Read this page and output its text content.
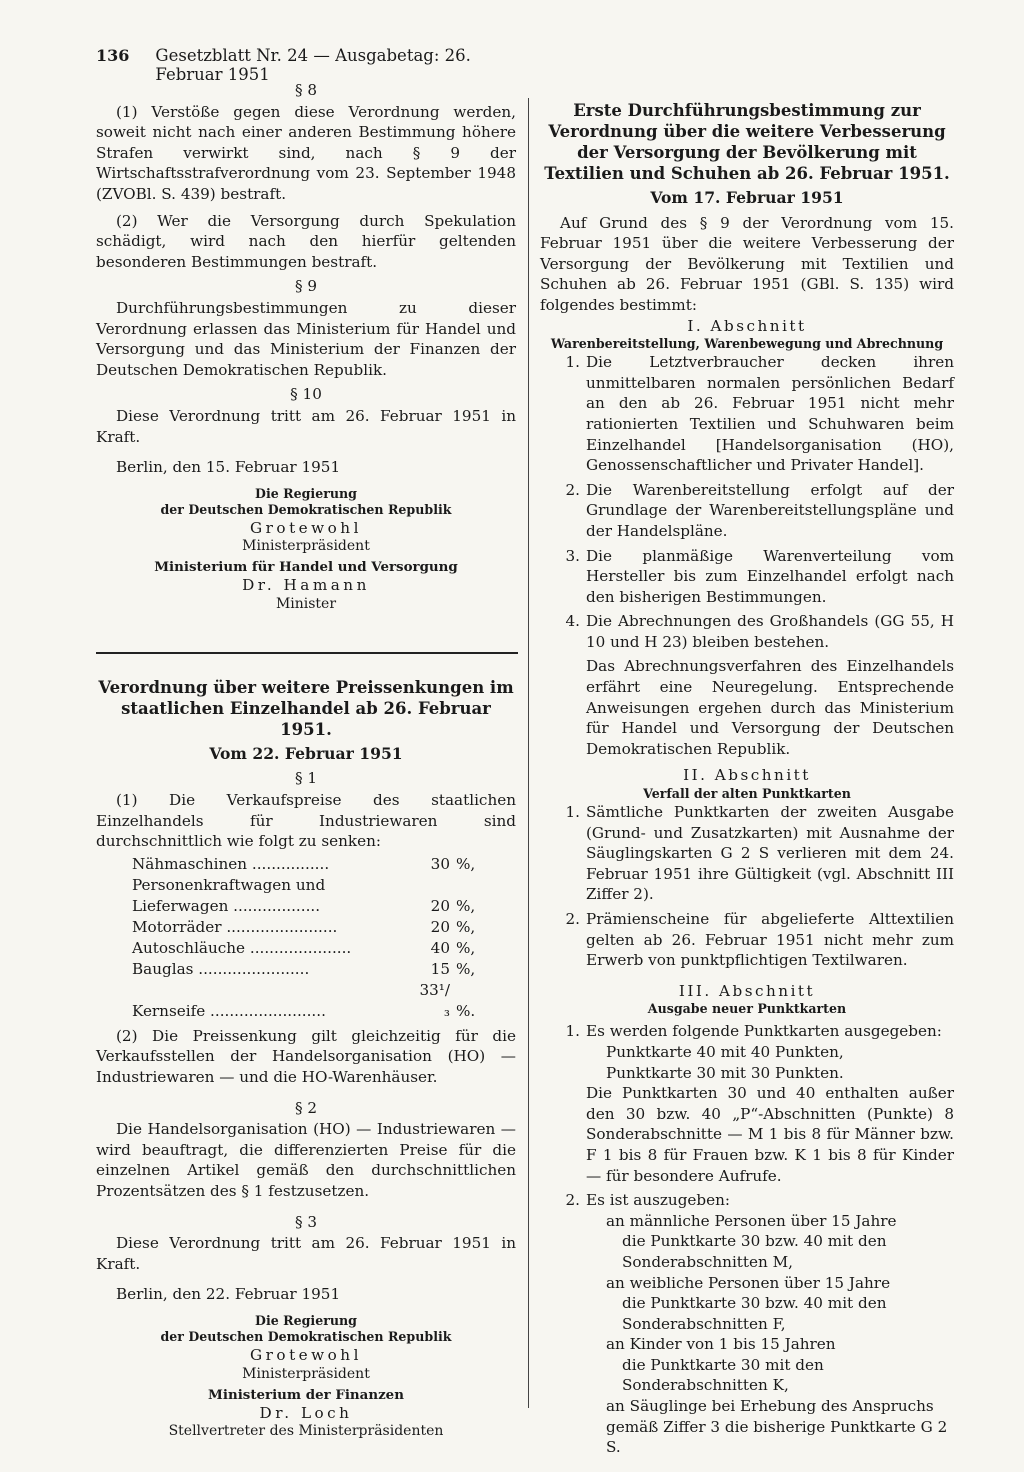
136 Gesetzblatt Nr. 24 — Ausgabetag: 26. Februar 1951
§ 8

(1) Verstöße gegen diese Verordnung werden, soweit nicht nach einer anderen Bestimmung höhere Strafen verwirkt sind, nach § 9 der Wirtschaftsstrafverordnung vom 23. September 1948 (ZVOBl. S. 439) bestraft.

(2) Wer die Versorgung durch Spekulation schädigt, wird nach den hierfür geltenden besonderen Bestimmungen bestraft.

§ 9

Durchführungsbestimmungen zu dieser Verordnung erlassen das Ministerium für Handel und Versorgung und das Ministerium der Finanzen der Deutschen Demokratischen Republik.

§ 10

Diese Verordnung tritt am 26. Februar 1951 in Kraft.

Berlin, den 15. Februar 1951

Die Regierung
der Deutschen Demokratischen Republik
Grotewohl
Ministerpräsident
Ministerium für Handel und Versorgung
Dr. Hamann
Minister
Verordnung über weitere Preissenkungen im staatlichen Einzelhandel ab 26. Februar 1951.
Vom 22. Februar 1951
§ 1

(1) Die Verkaufspreise des staatlichen Einzelhandels für Industriewaren sind durchschnittlich wie folgt zu senken:

Nähmaschinen ................	30	%,
Personenkraftwagen und Lieferwagen ..................	20	%,
Motorräder .......................	20	%,
Autoschläuche .....................	40	%,
Bauglas .......................	15	%,
Kernseife ........................	33¹/₃	%.

(2) Die Preissenkung gilt gleichzeitig für die Verkaufsstellen der Handelsorganisation (HO) — Industriewaren — und die HO-Warenhäuser.

§ 2

Die Handelsorganisation (HO) — Industriewaren — wird beauftragt, die differenzierten Preise für die einzelnen Artikel gemäß den durchschnittlichen Prozentsätzen des § 1 festzusetzen.

§ 3

Diese Verordnung tritt am 26. Februar 1951 in Kraft.

Berlin, den 22. Februar 1951

Die Regierung
der Deutschen Demokratischen Republik
Grotewohl
Ministerpräsident
Ministerium der Finanzen
Dr. Loch
Stellvertreter des Ministerpräsidenten
Erste Durchführungsbestimmung zur Verordnung über die weitere Verbesserung der Versorgung der Bevölkerung mit Textilien und Schuhen ab 26. Februar 1951.
Vom 17. Februar 1951

Auf Grund des § 9 der Verordnung vom 15. Februar 1951 über die weitere Verbesserung der Versorgung der Bevölkerung mit Textilien und Schuhen ab 26. Februar 1951 (GBl. S. 135) wird folgendes bestimmt:

I. Abschnitt
Warenbereitstellung, Warenbewegung und Abrechnung
1. Die Letztverbraucher decken ihren unmittelbaren normalen persönlichen Bedarf an den ab 26. Februar 1951 nicht mehr rationierten Textilien und Schuhwaren beim Einzelhandel [Handelsorganisation (HO), Genossenschaftlicher und Privater Handel].
2. Die Warenbereitstellung erfolgt auf der Grundlage der Warenbereitstellungspläne und der Handelspläne.
3. Die planmäßige Warenverteilung vom Hersteller bis zum Einzelhandel erfolgt nach den bisherigen Bestimmungen.
4. Die Abrechnungen des Großhandels (GG 55, H 10 und H 23) bleiben bestehen.

Das Abrechnungsverfahren des Einzelhandels erfährt eine Neuregelung. Entsprechende Anweisungen ergehen durch das Ministerium für Handel und Versorgung der Deutschen Demokratischen Republik.

II. Abschnitt
Verfall der alten Punktkarten
1. Sämtliche Punktkarten der zweiten Ausgabe (Grund- und Zusatzkarten) mit Ausnahme der Säuglingskarten G 2 S verlieren mit dem 24. Februar 1951 ihre Gültigkeit (vgl. Abschnitt III Ziffer 2).
2. Prämienscheine für abgelieferte Alttextilien gelten ab 26. Februar 1951 nicht mehr zum Erwerb von punktpflichtigen Textilwaren.
III. Abschnitt
Ausgabe neuer Punktkarten
1. Es werden folgende Punktkarten ausgegeben:
Punktkarte 40 mit 40 Punkten,
Punktkarte 30 mit 30 Punkten.

Die Punktkarten 30 und 40 enthalten außer den 30 bzw. 40 „P“-Abschnitten (Punkte) 8 Sonderabschnitte — M 1 bis 8 für Männer bzw. F 1 bis 8 für Frauen bzw. K 1 bis 8 für Kinder — für besondere Aufrufe.

2. Es ist auszugeben:
an männliche Personen über 15 Jahre
die Punktkarte 30 bzw. 40 mit den Sonderabschnitten M,
an weibliche Personen über 15 Jahre
die Punktkarte 30 bzw. 40 mit den Sonderabschnitten F,
an Kinder von 1 bis 15 Jahren
die Punktkarte 30 mit den Sonderabschnitten K,
an Säuglinge bei Erhebung des Anspruchs gemäß Ziffer 3 die bisherige Punktkarte G 2 S.
